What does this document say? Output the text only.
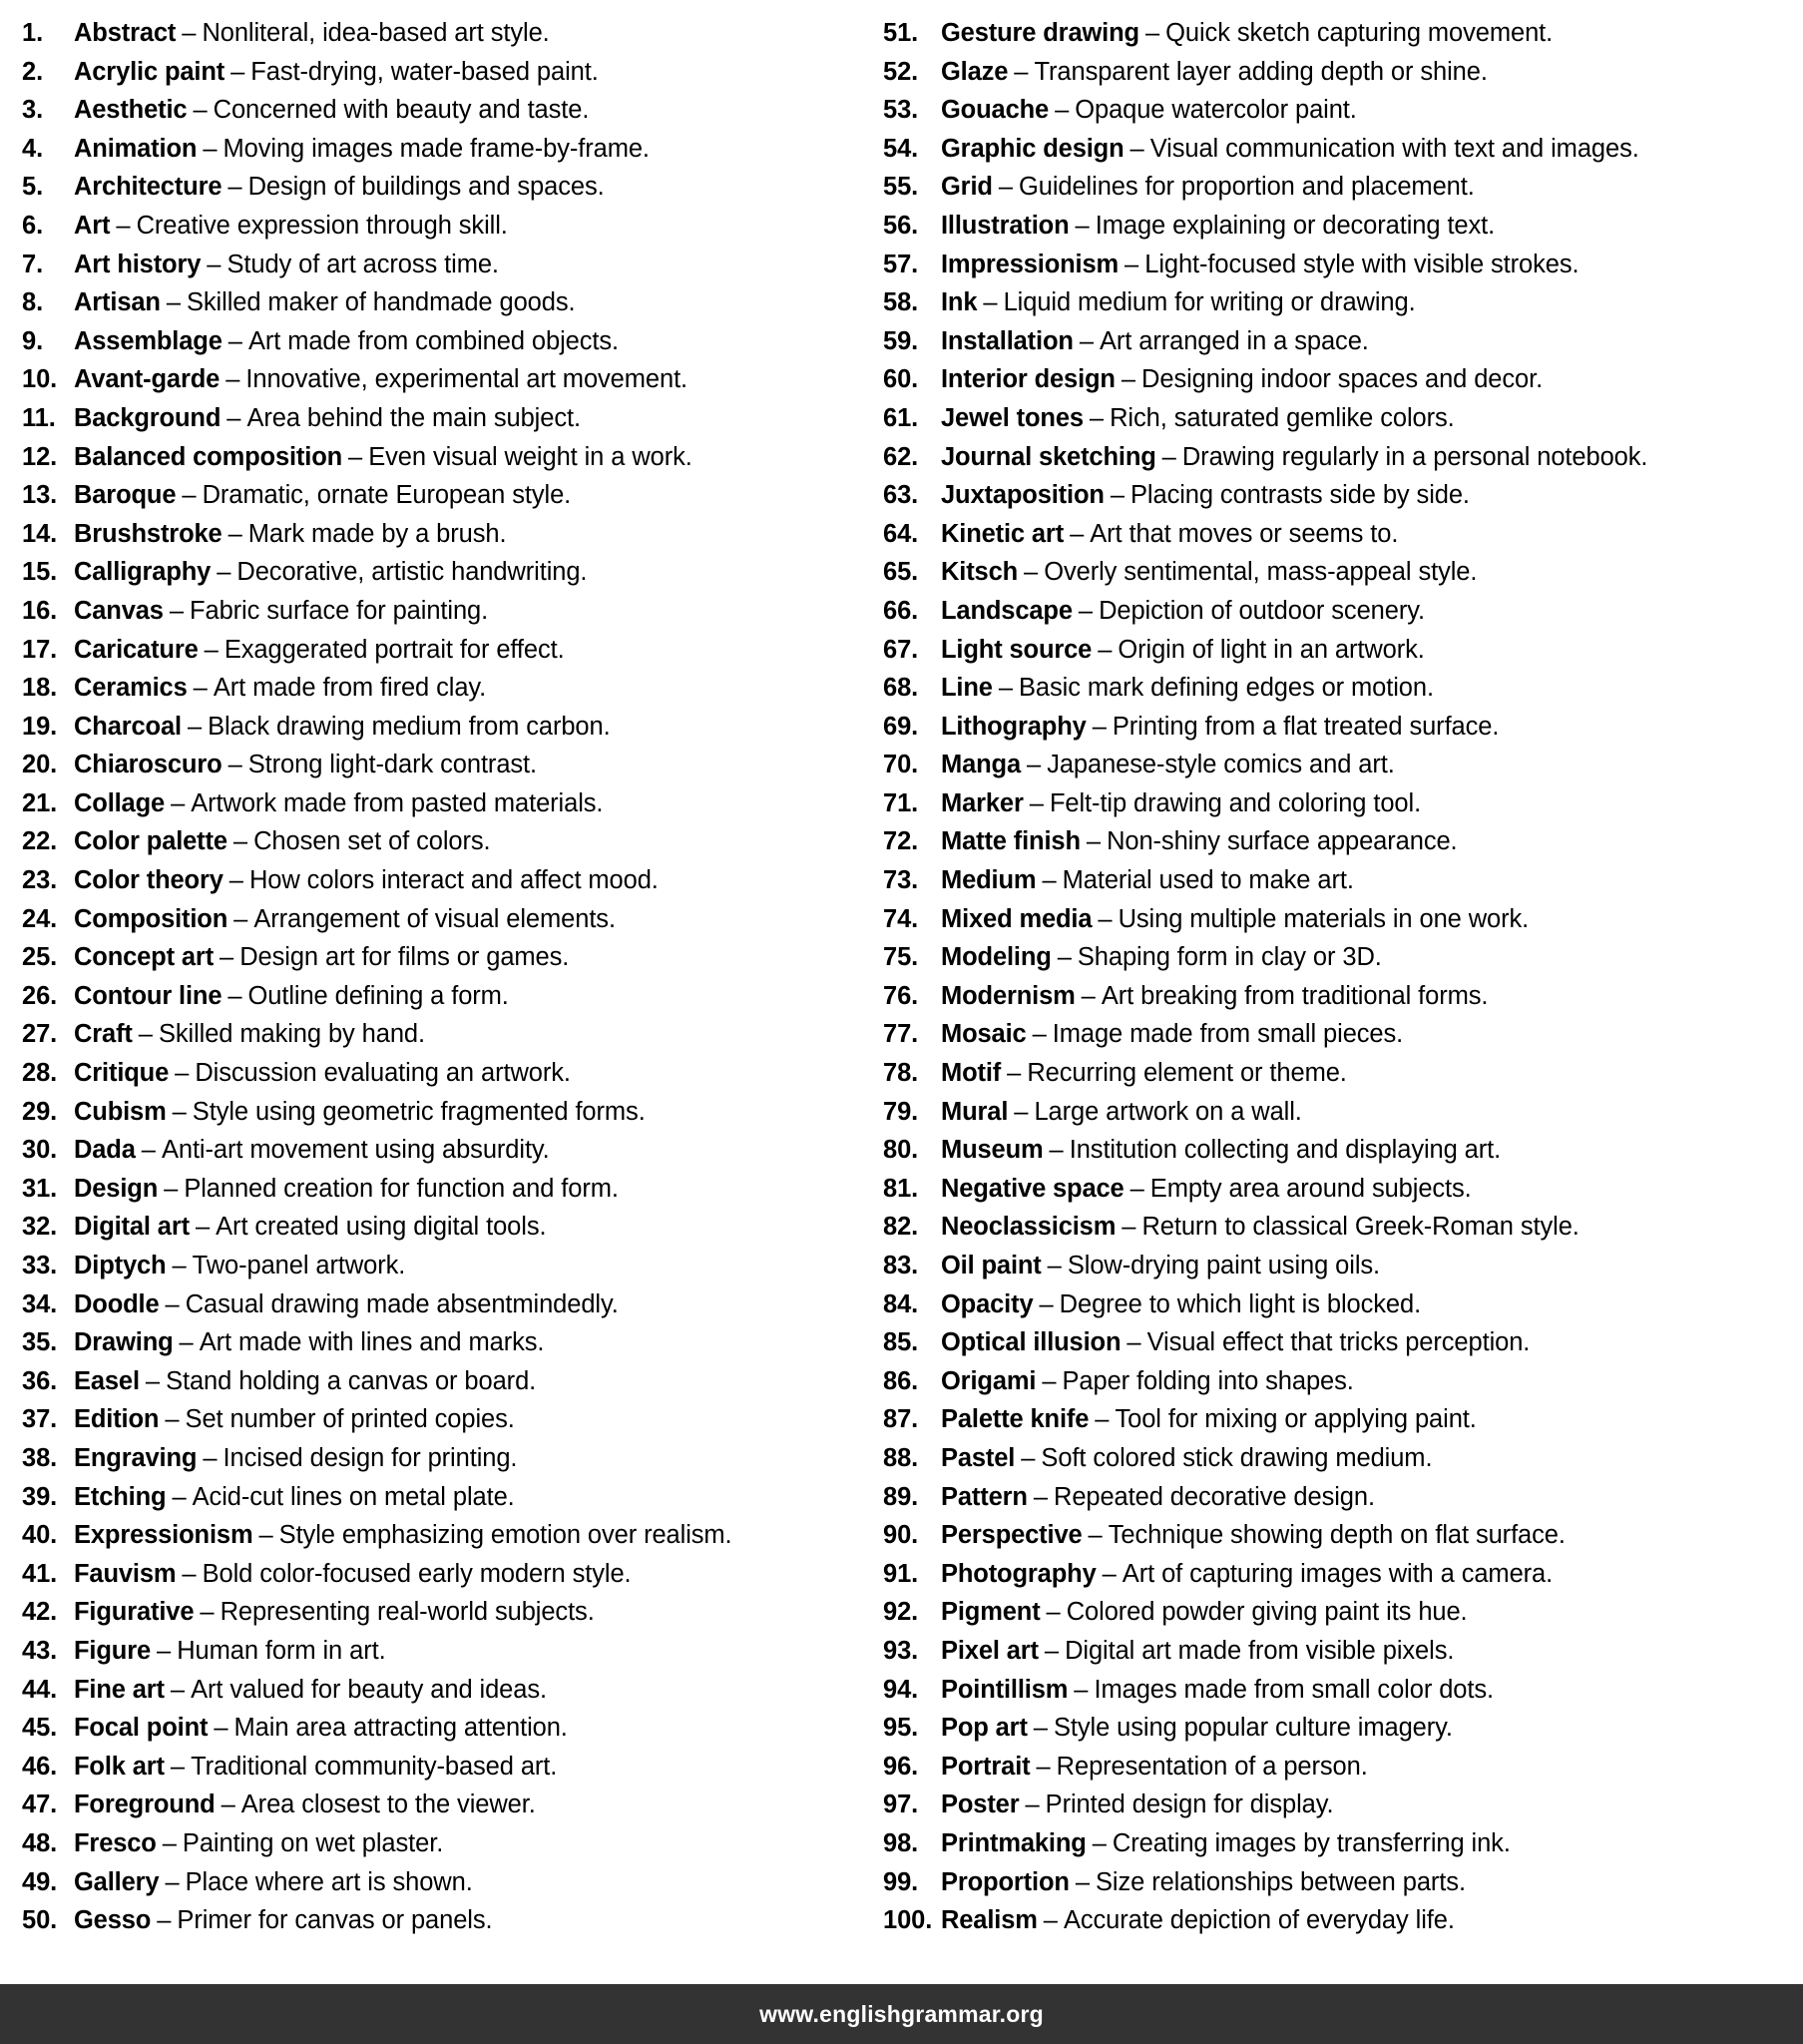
1.	Abstract – Nonliteral, idea-based art style.
2.	Acrylic paint – Fast-drying, water-based paint.
3.	Aesthetic – Concerned with beauty and taste.
4.	Animation – Moving images made frame-by-frame.
5.	Architecture – Design of buildings and spaces.
6.	Art – Creative expression through skill.
7.	Art history – Study of art across time.
8.	Artisan – Skilled maker of handmade goods.
9.	Assemblage – Art made from combined objects.
10. Avant-garde – Innovative, experimental art movement.
11. Background – Area behind the main subject.
12. Balanced composition – Even visual weight in a work.
13. Baroque – Dramatic, ornate European style.
14. Brushstroke – Mark made by a brush.
15. Calligraphy – Decorative, artistic handwriting.
16. Canvas – Fabric surface for painting.
17. Caricature – Exaggerated portrait for effect.
18. Ceramics – Art made from fired clay.
19. Charcoal – Black drawing medium from carbon.
20. Chiaroscuro – Strong light-dark contrast.
21. Collage – Artwork made from pasted materials.
22. Color palette – Chosen set of colors.
23. Color theory – How colors interact and affect mood.
24. Composition – Arrangement of visual elements.
25. Concept art – Design art for films or games.
26. Contour line – Outline defining a form.
27. Craft – Skilled making by hand.
28. Critique – Discussion evaluating an artwork.
29. Cubism – Style using geometric fragmented forms.
30. Dada – Anti-art movement using absurdity.
31. Design – Planned creation for function and form.
32. Digital art – Art created using digital tools.
33. Diptych – Two-panel artwork.
34. Doodle – Casual drawing made absentmindedly.
35. Drawing – Art made with lines and marks.
36. Easel – Stand holding a canvas or board.
37. Edition – Set number of printed copies.
38. Engraving – Incised design for printing.
39. Etching – Acid-cut lines on metal plate.
40. Expressionism – Style emphasizing emotion over realism.
41. Fauvism – Bold color-focused early modern style.
42. Figurative – Representing real-world subjects.
43. Figure – Human form in art.
44. Fine art – Art valued for beauty and ideas.
45. Focal point – Main area attracting attention.
46. Folk art – Traditional community-based art.
47. Foreground – Area closest to the viewer.
48. Fresco – Painting on wet plaster.
49. Gallery – Place where art is shown.
50. Gesso – Primer for canvas or panels.
51. Gesture drawing – Quick sketch capturing movement.
52. Glaze – Transparent layer adding depth or shine.
53. Gouache – Opaque watercolor paint.
54. Graphic design – Visual communication with text and images.
55. Grid – Guidelines for proportion and placement.
56. Illustration – Image explaining or decorating text.
57. Impressionism – Light-focused style with visible strokes.
58. Ink – Liquid medium for writing or drawing.
59. Installation – Art arranged in a space.
60. Interior design – Designing indoor spaces and decor.
61. Jewel tones – Rich, saturated gemlike colors.
62. Journal sketching – Drawing regularly in a personal notebook.
63. Juxtaposition – Placing contrasts side by side.
64. Kinetic art – Art that moves or seems to.
65. Kitsch – Overly sentimental, mass-appeal style.
66. Landscape – Depiction of outdoor scenery.
67. Light source – Origin of light in an artwork.
68. Line – Basic mark defining edges or motion.
69. Lithography – Printing from a flat treated surface.
70. Manga – Japanese-style comics and art.
71. Marker – Felt-tip drawing and coloring tool.
72. Matte finish – Non-shiny surface appearance.
73. Medium – Material used to make art.
74. Mixed media – Using multiple materials in one work.
75. Modeling – Shaping form in clay or 3D.
76. Modernism – Art breaking from traditional forms.
77. Mosaic – Image made from small pieces.
78. Motif – Recurring element or theme.
79. Mural – Large artwork on a wall.
80. Museum – Institution collecting and displaying art.
81. Negative space – Empty area around subjects.
82. Neoclassicism – Return to classical Greek-Roman style.
83. Oil paint – Slow-drying paint using oils.
84. Opacity – Degree to which light is blocked.
85. Optical illusion – Visual effect that tricks perception.
86. Origami – Paper folding into shapes.
87. Palette knife – Tool for mixing or applying paint.
88. Pastel – Soft colored stick drawing medium.
89. Pattern – Repeated decorative design.
90. Perspective – Technique showing depth on flat surface.
91. Photography – Art of capturing images with a camera.
92. Pigment – Colored powder giving paint its hue.
93. Pixel art – Digital art made from visible pixels.
94. Pointillism – Images made from small color dots.
95. Pop art – Style using popular culture imagery.
96. Portrait – Representation of a person.
97. Poster – Printed design for display.
98. Printmaking – Creating images by transferring ink.
99. Proportion – Size relationships between parts.
100. Realism – Accurate depiction of everyday life.
www.englishgrammar.org
